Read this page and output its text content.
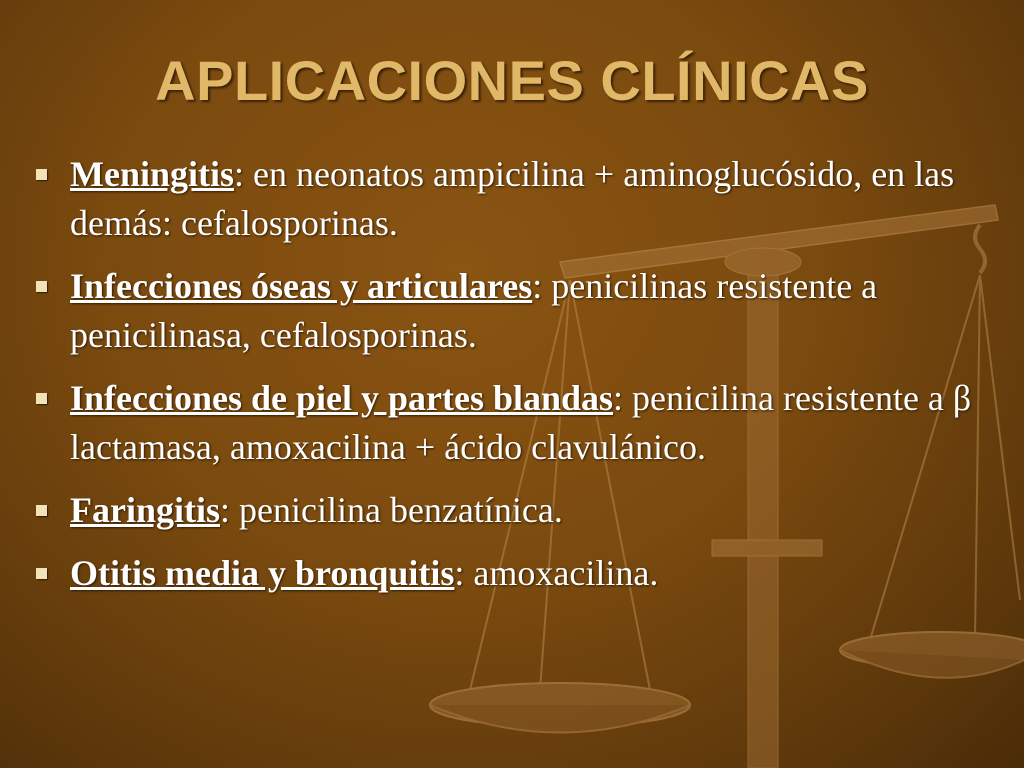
APLICACIONES CLÍNICAS
Meningitis: en neonatos ampicilina + aminoglucósido, en las demás: cefalosporinas.
Infecciones óseas y articulares: penicilinas resistente a penicilinasa, cefalosporinas.
Infecciones de piel y partes blandas: penicilina resistente a β lactamasa, amoxacilina + ácido clavulánico.
Faringitis: penicilina benzatínica.
Otitis media y bronquitis: amoxacilina.
